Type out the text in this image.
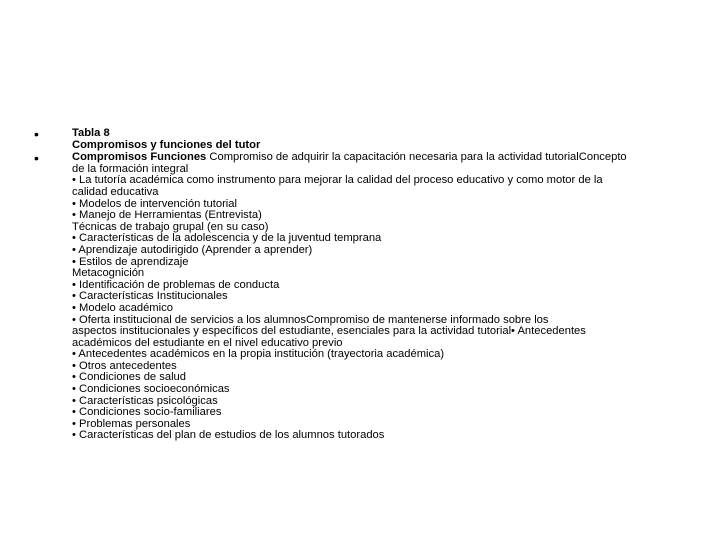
•	Tabla 8
Compromisos y funciones del tutor
•	Compromisos Funciones Compromiso de adquirir la capacitación necesaria para la actividad tutorialConcepto
de la formación integral
• La tutoría académica como instrumento para mejorar la calidad del proceso educativo y como motor de la
calidad educativa
• Modelos de intervención tutorial
• Manejo de Herramientas (Entrevista)
Técnicas de trabajo grupal (en su caso)
• Características de la adolescencia y de la juventud temprana
• Aprendizaje autodirigido (Aprender a aprender)
• Estilos de aprendizaje
Metacognición
• Identificación de problemas de conducta
• Características Institucionales
• Modelo académico
• Oferta institucional de servicios a los alumnosCompromiso de mantenerse informado sobre los
aspectos institucionales y específicos del estudiante, esenciales para la actividad tutorial• Antecedentes
académicos del estudiante en el nivel educativo previo
• Antecedentes académicos en la propia institución (trayectoria académica)
• Otros antecedentes
• Condiciones de salud
• Condiciones socioeconómicas
• Características psicológicas
• Condiciones socio-familiares
• Problemas personales
• Características del plan de estudios de los alumnos tutorados
